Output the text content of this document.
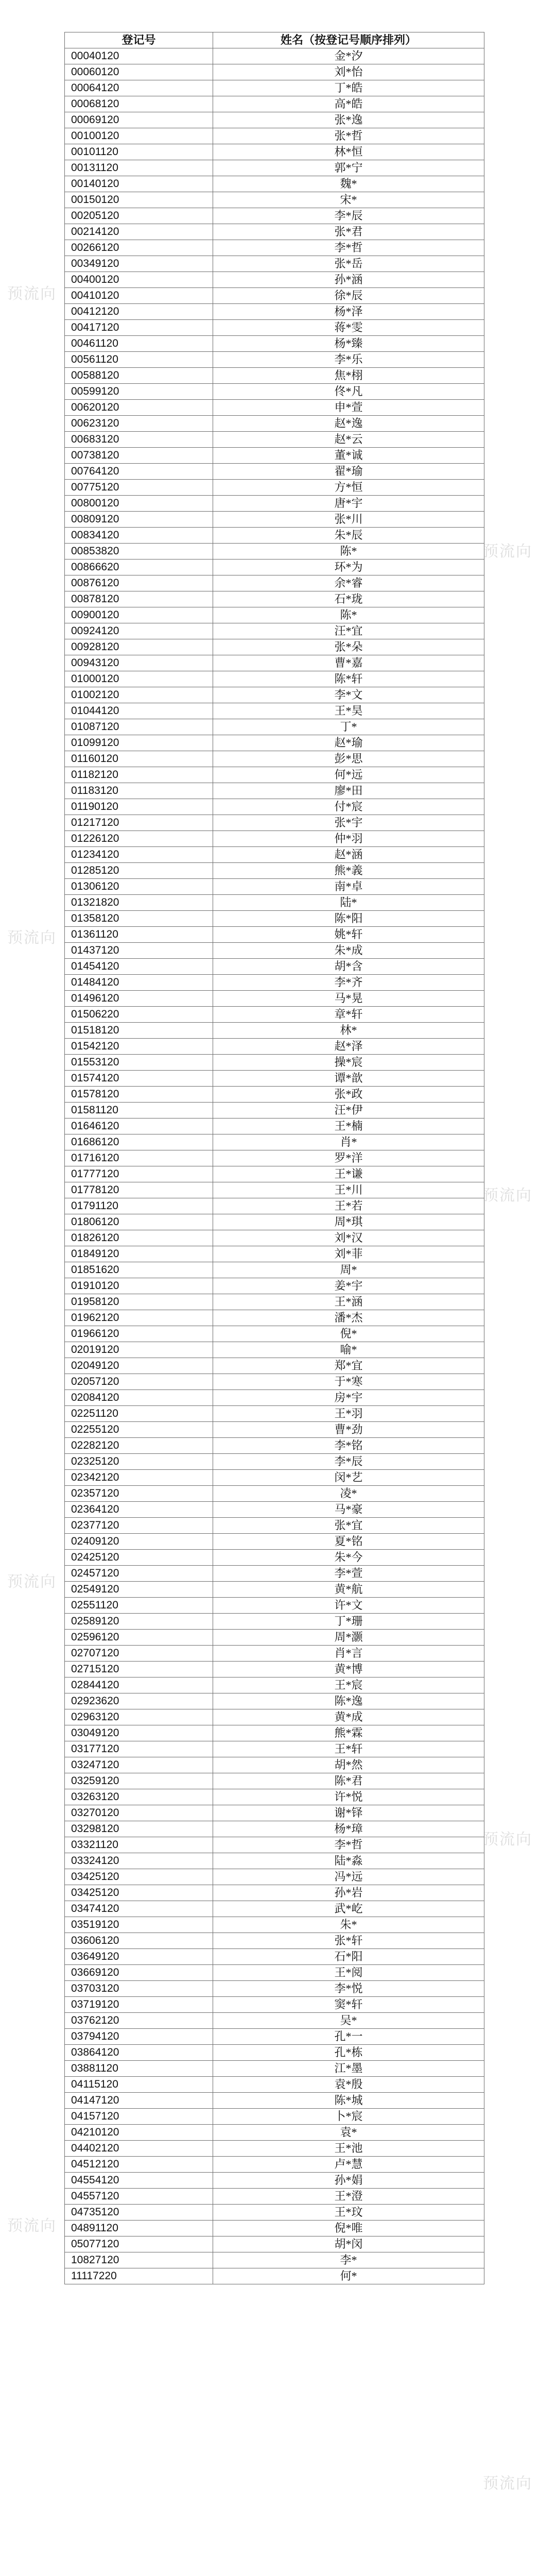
登记号	姓名（按登记号顺序排列）
00040120	金*汐
00060120	刘*怡
00064120	丁*皓
00068120	高*皓
00069120	张*逸
00100120	张*哲
00101120	林*恒
00131120	郭*宁
00140120	魏*
00150120	宋*
00205120	李*辰
00214120	张*君
00266120	李*哲
00349120	张*岳
00400120	孙*涵
00410120	徐*辰
00412120	杨*泽
00417120	蒋*雯
00461120	杨*臻
00561120	李*乐
00588120	焦*栩
00599120	佟*凡
00620120	申*萱
00623120	赵*逸
00683120	赵*云
00738120	董*诚
00764120	翟*瑜
00775120	方*恒
00800120	唐*宇
00809120	张*川
00834120	朱*辰
00853820	陈*
00866620	环*为
00876120	余*睿
00878120	石*珑
00900120	陈*
00924120	汪*宜
00928120	张*朵
00943120	曹*嘉
01000120	陈*轩
01002120	李*文
01044120	王*昊
01087120	丁*
01099120	赵*瑜
01160120	彭*思
01182120	何*远
01183120	廖*田
01190120	付*宸
01217120	张*宇
01226120	仲*羽
01234120	赵*涵
01285120	熊*義
01306120	南*卓
01321820	陆*
01358120	陈*阳
01361120	姚*轩
01437120	朱*成
01454120	胡*含
01484120	李*齐
01496120	马*晃
01506220	章*轩
01518120	林*
01542120	赵*泽
01553120	操*宸
01574120	谭*歆
01578120	张*政
01581120	汪*伊
01646120	王*楠
01686120	肖*
01716120	罗*洋
01777120	王*谦
01778120	王*川
01791120	王*若
01806120	周*琪
01826120	刘*汉
01849120	刘*菲
01851620	周*
01910120	姜*宇
01958120	王*涵
01962120	潘*杰
01966120	倪*
02019120	喻*
02049120	郑*宜
02057120	于*寒
02084120	房*宇
02251120	王*羽
02255120	曹*劲
02282120	李*铭
02325120	李*辰
02342120	闵*艺
02357120	凌*
02364120	马*豪
02377120	张*宜
02409120	夏*铭
02425120	朱*今
02457120	李*萱
02549120	黄*航
02551120	许*文
02589120	丁*珊
02596120	周*灏
02707120	肖*言
02715120	黄*博
02844120	王*宸
02923620	陈*逸
02963120	黄*成
03049120	熊*霖
03177120	王*轩
03247120	胡*然
03259120	陈*君
03263120	许*悦
03270120	谢*铎
03298120	杨*璋
03321120	李*哲
03324120	陆*淼
03425120	冯*远
03425120	孙*岩
03474120	武*屹
03519120	朱*
03606120	张*轩
03649120	石*阳
03669120	王*阅
03703120	李*悦
03719120	窦*轩
03762120	吴*
03794120	孔*一
03864120	孔*栋
03881120	江*墨
04115120	袁*殷
04147120	陈*城
04157120	卜*宸
04210120	袁*
04402120	王*池
04512120	卢*慧
04554120	孙*娟
04557120	王*澄
04735120	王*玟
04891120	倪*唯
05077120	胡*闵
10827120	李*
11117220	何*
预流向
预流向
预流向
预流向
预流向
预流向
预流向
预流向
